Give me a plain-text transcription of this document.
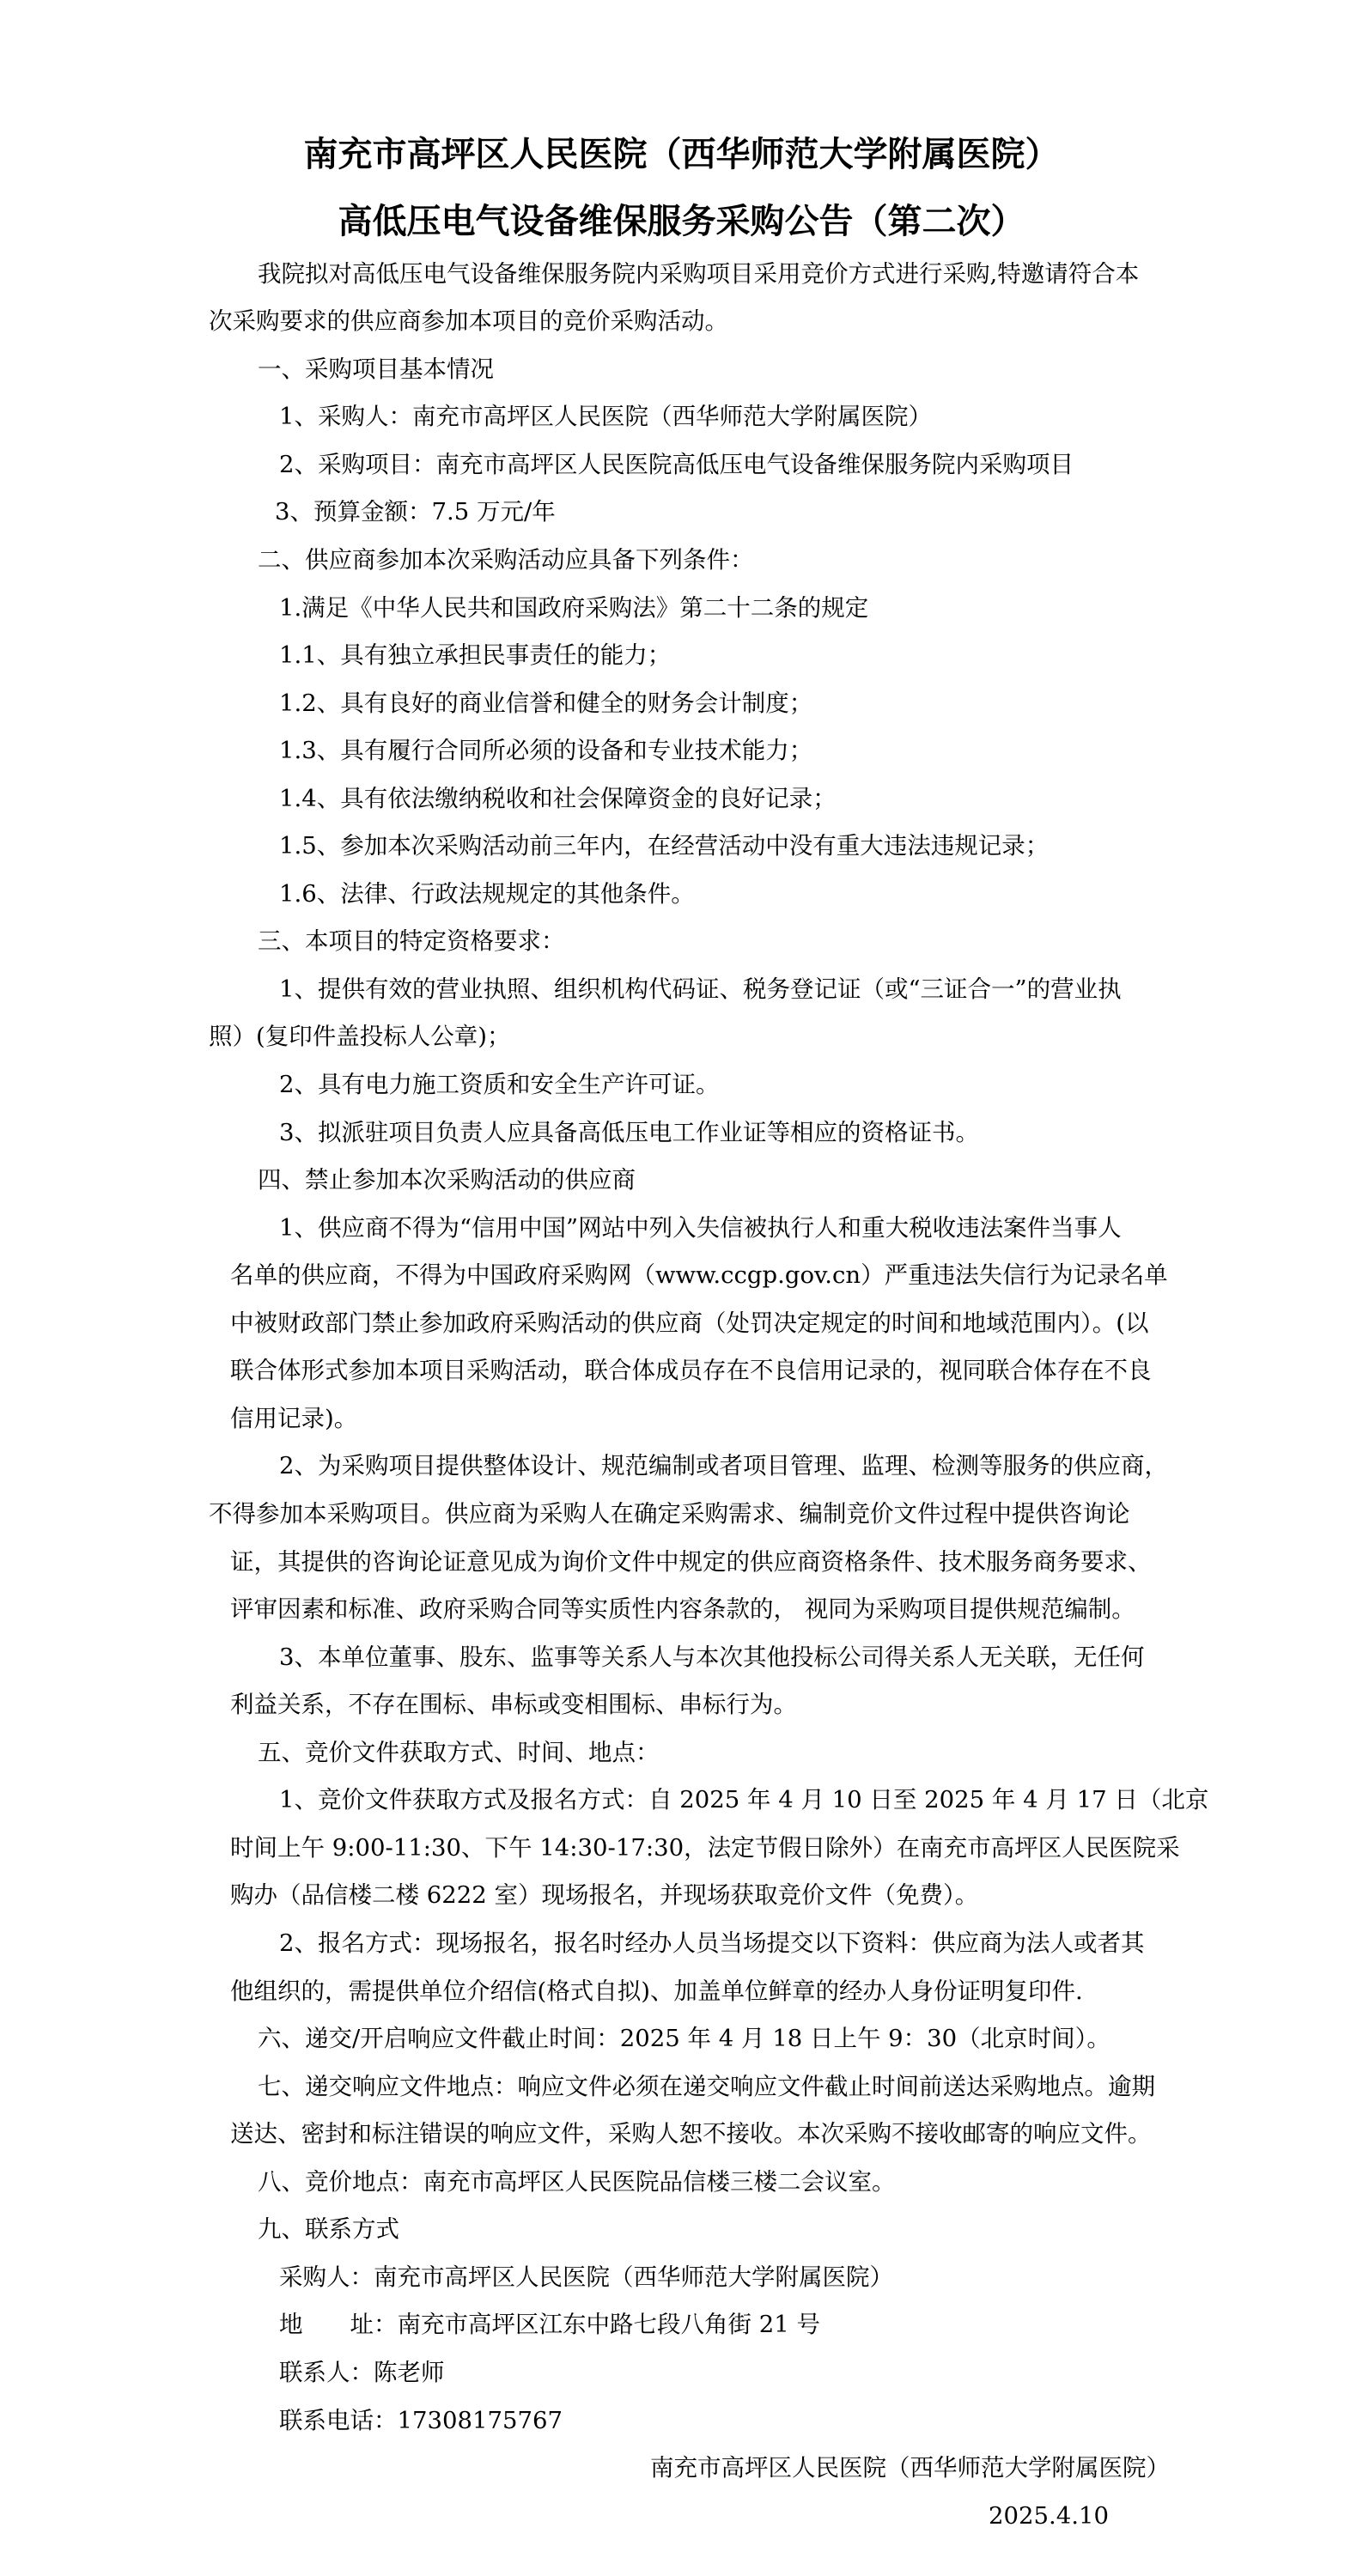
南充市高坪区人民医院（西华师范大学附属医院）
高低压电气设备维保服务采购公告（第二次）
我院拟对高低压电气设备维保服务院内采购项目采用竞价方式进行采购,特邀请符合本
次采购要求的供应商参加本项目的竞价采购活动。
一、采购项目基本情况
1、采购人：南充市高坪区人民医院（西华师范大学附属医院）
2、采购项目：南充市高坪区人民医院高低压电气设备维保服务院内采购项目
3、预算金额：7.5 万元/年
二、供应商参加本次采购活动应具备下列条件：
1.满足《中华人民共和国政府采购法》第二十二条的规定
1.1、具有独立承担民事责任的能力；
1.2、具有良好的商业信誉和健全的财务会计制度；
1.3、具有履行合同所必须的设备和专业技术能力；
1.4、具有依法缴纳税收和社会保障资金的良好记录；
1.5、参加本次采购活动前三年内，在经营活动中没有重大违法违规记录；
1.6、法律、行政法规规定的其他条件。
三、本项目的特定资格要求：
1、提供有效的营业执照、组织机构代码证、税务登记证（或“三证合一”的营业执
照）(复印件盖投标人公章)；
2、具有电力施工资质和安全生产许可证。
3、拟派驻项目负责人应具备高低压电工作业证等相应的资格证书。
四、禁止参加本次采购活动的供应商
1、供应商不得为“信用中国”网站中列入失信被执行人和重大税收违法案件当事人
名单的供应商，不得为中国政府采购网（www.ccgp.gov.cn）严重违法失信行为记录名单
中被财政部门禁止参加政府采购活动的供应商（处罚决定规定的时间和地域范围内）。(以
联合体形式参加本项目采购活动，联合体成员存在不良信用记录的，视同联合体存在不良
信用记录)。
2、为采购项目提供整体设计、规范编制或者项目管理、监理、检测等服务的供应商，
不得参加本采购项目。供应商为采购人在确定采购需求、编制竞价文件过程中提供咨询论
证，其提供的咨询论证意见成为询价文件中规定的供应商资格条件、技术服务商务要求、
评审因素和标准、政府采购合同等实质性内容条款的， 视同为采购项目提供规范编制。
3、本单位董事、股东、监事等关系人与本次其他投标公司得关系人无关联，无任何
利益关系，不存在围标、串标或变相围标、串标行为。
五、竞价文件获取方式、时间、地点：
1、竞价文件获取方式及报名方式：自 2025 年 4 月 10 日至 2025 年 4 月 17 日（北京
时间上午 9:00-11:30、下午 14:30-17:30，法定节假日除外）在南充市高坪区人民医院采
购办（品信楼二楼 6222 室）现场报名，并现场获取竞价文件（免费）。
2、报名方式：现场报名，报名时经办人员当场提交以下资料：供应商为法人或者其
他组织的，需提供单位介绍信(格式自拟)、加盖单位鲜章的经办人身份证明复印件.
六、递交/开启响应文件截止时间：2025 年 4 月 18 日上午 9：30（北京时间）。
七、递交响应文件地点：响应文件必须在递交响应文件截止时间前送达采购地点。逾期
送达、密封和标注错误的响应文件，采购人恕不接收。本次采购不接收邮寄的响应文件。
八、竞价地点：南充市高坪区人民医院品信楼三楼二会议室。
九、联系方式
采购人：南充市高坪区人民医院（西华师范大学附属医院）
地　　址：南充市高坪区江东中路七段八角街 21 号
联系人：陈老师
联系电话：17308175767
南充市高坪区人民医院（西华师范大学附属医院）
2025.4.10
